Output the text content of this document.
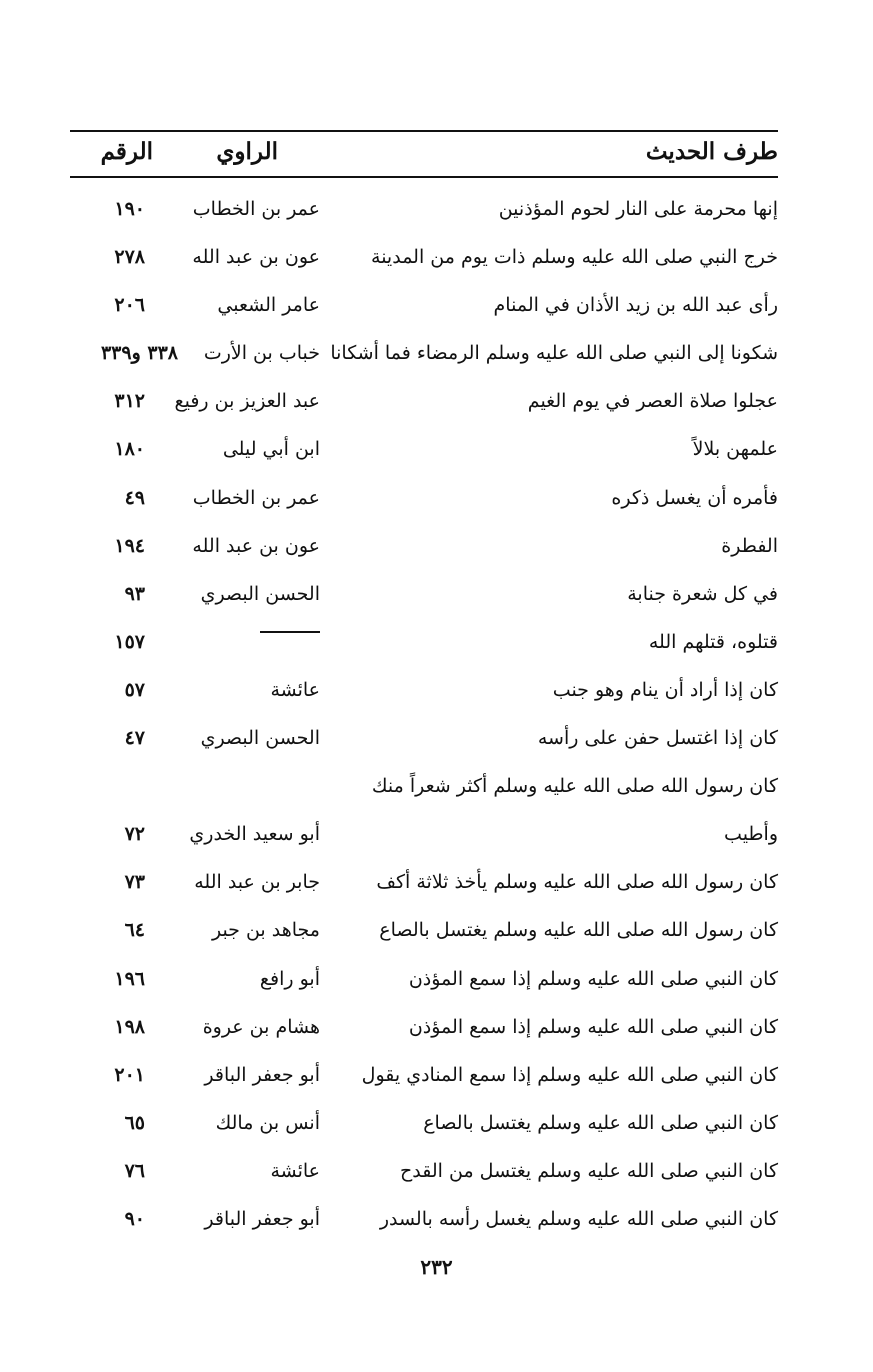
طرف الحديث
الراوي
الرقم
إنها محرمة على النار لحوم المؤذنين
عمر بن الخطاب
١٩٠
خرج النبي صلى الله عليه وسلم ذات يوم من المدينة
عون بن عبد الله
٢٧٨
رأى عبد الله بن زيد الأذان في المنام
عامر الشعبي
٢٠٦
شكونا إلى النبي صلى الله عليه وسلم الرمضاء فما أشكانا
خباب بن الأرت
٣٣٨ و٣٣٩
عجلوا صلاة العصر في يوم الغيم
عبد العزيز بن رفيع
٣١٢
علمهن بلالاً
ابن أبي ليلى
١٨٠
فأمره أن يغسل ذكره
عمر بن الخطاب
٤٩
الفطرة
عون بن عبد الله
١٩٤
في كل شعرة جنابة
الحسن البصري
٩٣
قتلوه، قتلهم الله
١٥٧
كان إذا أراد أن ينام وهو جنب
عائشة
٥٧
كان إذا اغتسل حفن على رأسه
الحسن البصري
٤٧
كان رسول الله صلى الله عليه وسلم أكثر شعراً منك
وأطيب
أبو سعيد الخدري
٧٢
كان رسول الله صلى الله عليه وسلم يأخذ ثلاثة أكف
جابر بن عبد الله
٧٣
كان رسول الله صلى الله عليه وسلم يغتسل بالصاع
مجاهد بن جبر
٦٤
كان النبي صلى الله عليه وسلم إذا سمع المؤذن
أبو رافع
١٩٦
كان النبي صلى الله عليه وسلم إذا سمع المؤذن
هشام بن عروة
١٩٨
كان النبي صلى الله عليه وسلم إذا سمع المنادي يقول
أبو جعفر الباقر
٢٠١
كان النبي صلى الله عليه وسلم يغتسل بالصاع
أنس بن مالك
٦٥
كان النبي صلى الله عليه وسلم يغتسل من القدح
عائشة
٧٦
كان النبي صلى الله عليه وسلم يغسل رأسه بالسدر
أبو جعفر الباقر
٩٠
٢٣٢
